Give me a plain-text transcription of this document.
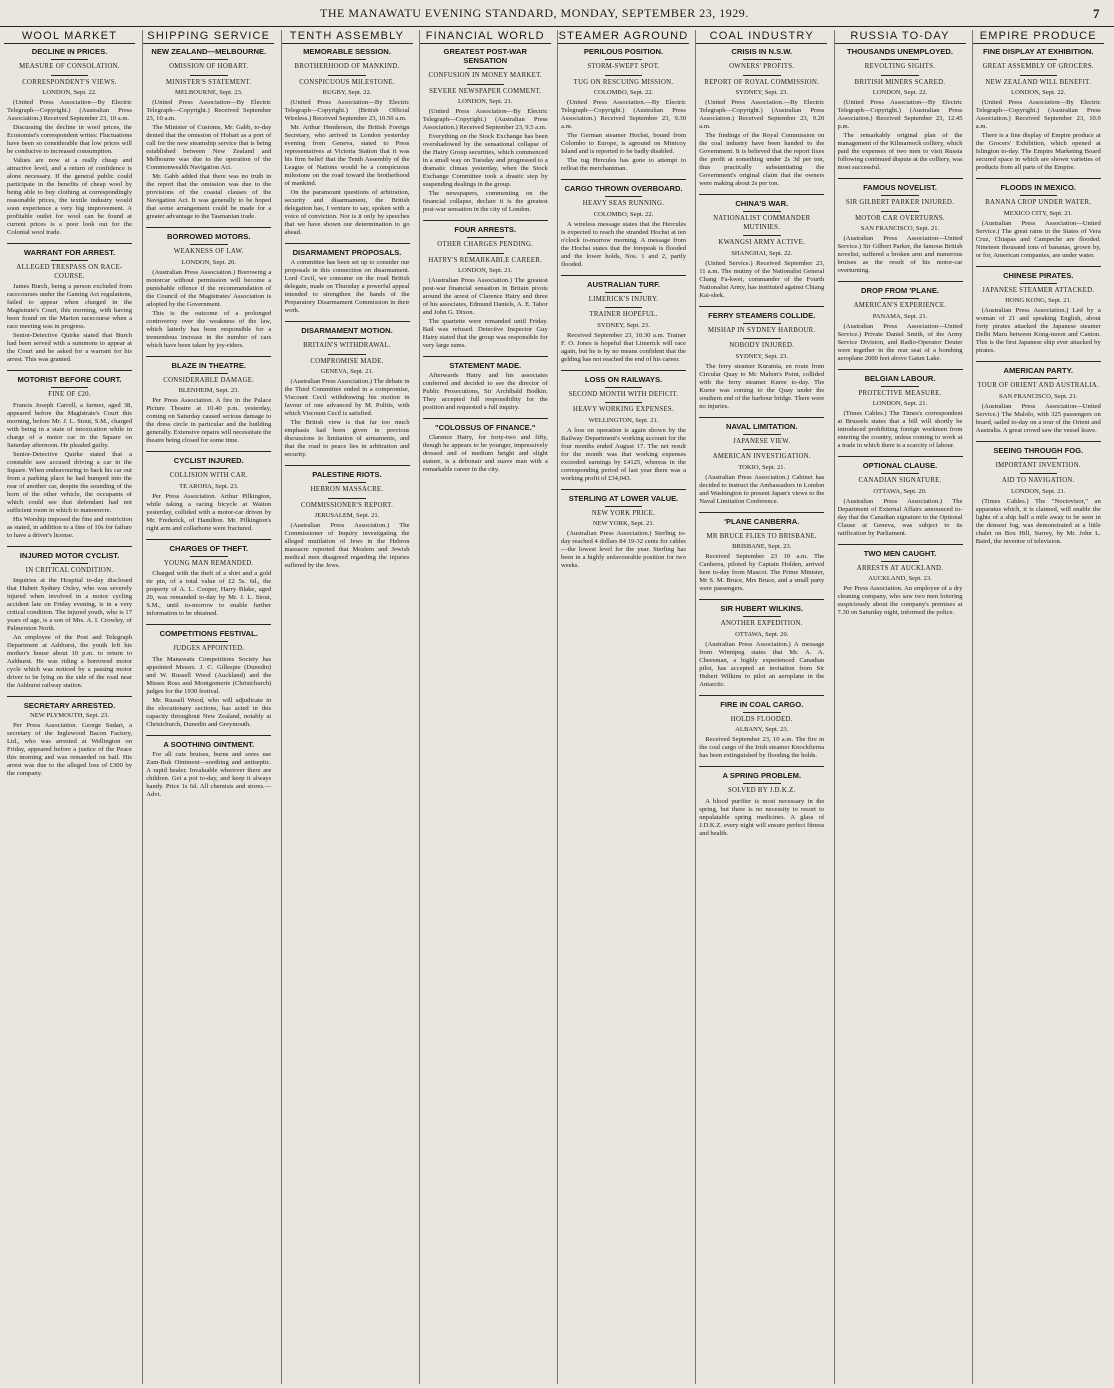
THE MANAWATU EVENING STANDARD, MONDAY, SEPTEMBER 23, 1929.	7
WOOL MARKET
DECLINE IN PRICES.
MEASURE OF CONSOLATION.
CORRESPONDENT'S VIEWS.
LONDON, Sept. 22.

(United Press Association—By Electric Telegraph—Copyright.) (Australian Press Association.) Received September 23, 10 a.m.

Discussing the decline in wool prices, the Economist's correspondent writes: Fluctuations have been so considerable that low prices will be conducive to increased consumption.

Values are now at a really cheap and attractive level, and a return of confidence is alone necessary. If the general public could participate in the benefits of cheap wool by being able to buy clothing at correspondingly reasonable prices, the textile industry would soon experience a very big improvement. A profitable outlet for wool can be found at current prices is a poor look out for the Colonial wool trade.

WARRANT FOR ARREST.
ALLEGED TRESPASS ON RACE-COURSE.

James Burch, being a person excluded from racecourses under the Gaming Act regulations, failed to appear when charged in the Magistrate's Court, this morning, with having been found on the Marton racecourse when a race meeting was in progress.

Senior-Detective Quirke stated that Burch had been served with a summons to appear at the Court and he asked for a warrant for his arrest. This was granted.

MOTORIST BEFORE COURT.
FINE OF £20.

Francis Joseph Carroll, a farmer, aged 38, appeared before the Magistrate's Court this morning, before Mr. J. L. Stout, S.M., charged with being in a state of intoxication while in charge of a motor car in the Square on Saturday afternoon. He pleaded guilty.

Senior-Detective Quirke stated that a constable saw accused driving a car in the Square. When endeavouring to back his car out from a parking place he had bumped into the rear of another car, despite the sounding of the horn of the other vehicle, the occupants of which could see that defendant had not sufficient room in which to manoeuvre.

His Worship imposed the fine and restriction as stated, in addition to a fine of 10s for failure to have a driver's license.

INJURED MOTOR CYCLIST.
IN CRITICAL CONDITION.

Inquiries at the Hospital to-day disclosed that Hubert Sydney Oxley, who was severely injured when involved in a motor cycling accident late on Friday evening, is in a very critical condition. The injured youth, who is 17 years of age, is a son of Mrs. A. I. Crowley, of Palmerston North.

An employee of the Post and Telegraph Department at Ashhurst, the youth left his mother's house about 10 p.m. to return to Ashhurst. He was riding a borrowed motor cycle which was noticed by a passing motor driver to be lying on the side of the road near the Ashhurst railway station.

SECRETARY ARRESTED.
NEW PLYMOUTH, Sept. 23.

Per Press Association. George Sudari, a secretary of the Inglewood Bacon Factory, Ltd., who was arrested at Wellington on Friday, appeared before a justice of the Peace this morning and was remanded on bail. His arrest was due to the alleged loss of £300 by the company.

SHIPPING SERVICE
NEW ZEALAND—MELBOURNE.
OMISSION OF HOBART.
MINISTER'S STATEMENT.
MELBOURNE, Sept. 23.

(United Press Association—By Electric Telegraph—Copyright.) Received September 23, 10 a.m.

The Minister of Customs, Mr. Gabb, to-day denied that the omission of Hobart as a port of call for the new steamship service that is being established between New Zealand and Melbourne was due to the operation of the Commonwealth Navigation Act.

Mr. Gabb added that there was no truth in the report that the omission was due to the provisions of the coastal clauses of the Navigation Act. It was generally to be hoped that some arrangement could be made for a greater advantage to the Tasmanian trade.

BORROWED MOTORS.
WEAKNESS OF LAW.
LONDON, Sept. 20.

(Australian Press Association.) Borrowing a motorcar without permission will become a punishable offence if the recommendation of the Council of the Magistrates' Association is adopted by the Government.

This is the outcome of a prolonged controversy over the weakness of the law, which latterly has been responsible for a tremendous increase in the number of cars which have been taken by joy-riders.

BLAZE IN THEATRE.
CONSIDERABLE DAMAGE.
BLENHEIM, Sept. 23.

Per Press Association. A fire in the Palace Picture Theatre at 10.40 p.m. yesterday, coming on Saturday caused serious damage to the dress circle in particular and the building generally. Extensive repairs will necessitate the theatre being closed for some time.

CYCLIST INJURED.
COLLISION WITH CAR.
TE AROHA, Sept. 23.

Per Press Association. Arthur Pilkington, while taking a racing bicycle at Waiton yesterday, collided with a motor-car driven by Mr. Frederick, of Hamilton. Mr. Pilkington's right arm and collarbone were fractured.

CHARGES OF THEFT.
YOUNG MAN REMANDED.

Charged with the theft of a shirt and a gold tie pin, of a total value of £2 5s. 6d., the property of A. L. Cooper, Harry Blake, aged 20, was remanded to-day by Mr. J. L. Stout, S.M., until to-morrow to enable further information to be obtained.

COMPETITIONS FESTIVAL.
JUDGES APPOINTED.

The Manawatu Competitions Society has appointed Messrs. J. C. Gillespie (Dunedin) and W. Russell Wood (Auckland) and the Misses Ross and Montgomerie (Christchurch) judges for the 1930 festival.

Mr. Russell Wood, who will adjudicate in the elocutionary sections, has acted in this capacity throughout New Zealand, notably at Christchurch, Dunedin and Greymouth.

A SOOTHING OINTMENT.

For all cuts bruises, burns and sores use Zam-Buk Ointment—soothing and antiseptic. A rapid healer. Invaluable wherever there are children. Get a pot to-day, and keep it always handy. Price 1s 6d. All chemists and stores.—Advt.

TENTH ASSEMBLY
MEMORABLE SESSION.
BROTHERHOOD OF MANKIND.
CONSPICUOUS MILESTONE.
RUGBY, Sept. 22.

(United Press Association—By Electric Telegraph—Copyright.) (British Official Wireless.) Received September 23, 10.50 a.m.

Mr. Arthur Henderson, the British Foreign Secretary, who arrived in London yesterday evening from Geneva, stated to Press representatives at Victoria Station that it was his firm belief that the Tenth Assembly of the League of Nations would be a conspicuous milestone on the road toward the brotherhood of mankind.

On the paramount questions of arbitration, security and disarmament, the British delegation has, I venture to say, spoken with a voice of conviction. Nor is it only by speeches that we have shown our determination to go ahead.

DISARMAMENT PROPOSALS.

A committee has been set up to consider our proposals in this connection on disarmament. Lord Cecil, we consume on the road British delegate, made on Thursday a powerful appeal intended to strengthen the hands of the Preparatory Disarmament Commission in their work.

DISARMAMENT MOTION.
BRITAIN'S WITHDRAWAL.
COMPROMISE MADE.
GENEVA, Sept. 21.

(Australian Press Association.) The debate in the Third Committee ended in a compromise, Viscount Cecil withdrawing his motion in favour of one advanced by M. Politis, with which Viscount Cecil is satisfied.

The British view is that far too much emphasis had been given in previous discussions to limitation of armaments, and that the road to peace lies in arbitration and security.

PALESTINE RIOTS.
HEBRON MASSACRE.
COMMISSIONER'S REPORT.
JERUSALEM, Sept. 21.

(Australian Press Association.) The Commissioner of Inquiry investigating the alleged mutilation of Jews in the Hebron massacre reported that Moslem and Jewish medical men disagreed regarding the injuries suffered by the Jews.

FINANCIAL WORLD
GREATEST POST-WAR SENSATION
CONFUSION IN MONEY MARKET.
SEVERE NEWSPAPER COMMENT.
LONDON, Sept. 21.

(United Press Association—By Electric Telegraph—Copyright.) (Australian Press Association.) Received September 23, 9.5 a.m.

Everything on the Stock Exchange has been overshadowed by the sensational collapse of the Hatry Group securities, which commenced in a small way on Tuesday and progressed to a dramatic climax yesterday, when the Stock Exchange Committee took a drastic step by suspending dealings in the group.

The newspapers, commenting on the financial collapse, declare it is the greatest post-war sensation in the city of London.

FOUR ARRESTS.
OTHER CHARGES PENDING.
HATRY'S REMARKABLE CAREER.
LONDON, Sept. 21.

(Australian Press Association.) The greatest post-war financial sensation in Britain pivots around the arrest of Clarence Hatry and three of his associates, Edmund Daniels, A. E. Tabor and John G. Dixon.

The quartette were remanded until Friday. Bail was refused. Detective Inspector Guy Hatry stated that the group was responsible for very large sums.

STATEMENT MADE.

Afterwards Hatry and his associates conferred and decided to see the director of Public Prosecutions, Sir Archibald Bodkin. They accepted full responsibility for the position and requested a full inquiry.

"COLOSSUS OF FINANCE."

Clarence Hatry, for forty-two and fifty, though he appears to be younger, impressively dressed and of medium height and slight stature, is a debonair and suave man with a remarkable career in the city.

STEAMER AGROUND
PERILOUS POSITION.
STORM-SWEPT SPOT.
TUG ON RESCUING MISSION.
COLOMBO, Sept. 22.

(United Press Association.—By Electric Telegraph—Copyright.) (Australian Press Association.) Received September 23, 9.30 a.m.

The German steamer Hochst, bound from Colombo to Europe, is aground on Minicoy Island and is reported to be badly disabled.

The tug Hercules has gone to attempt to refloat the merchantman.

CARGO THROWN OVERBOARD.
HEAVY SEAS RUNNING.
COLOMBO, Sept. 22.

A wireless message states that the Hercules is expected to reach the stranded Hochst at ten o'clock to-morrow morning. A message from the Hochst states that the forepeak is flooded and the lower holds, Nos. 1 and 2, partly flooded.

AUSTRALIAN TURF.
LIMERICK'S INJURY.
TRAINER HOPEFUL.
SYDNEY, Sept. 23.

Received September 23, 10.30 a.m. Trainer F. O. Jones is hopeful that Limerick will race again, but he is by no means confident that the gelding has not reached the end of his career.

LOSS ON RAILWAYS.
SECOND MONTH WITH DEFICIT.
HEAVY WORKING EXPENSES.
WELLINGTON, Sept. 21.

A loss on operation is again shown by the Railway Department's working account for the four months ended August 17. The net result for the month was that working expenses exceeded earnings by £4125, whereas in the corresponding period of last year there was a working profit of £34,043.

STERLING AT LOWER VALUE.
NEW YORK PRICE.
NEW YORK, Sept. 21.

(Australian Press Association.) Sterling to-day reached 4 dollars 84 19-32 cents for cables—the lowest level for the year. Sterling has been in a highly unfavourable position for two weeks.

COAL INDUSTRY
CRISIS IN N.S.W.
OWNERS' PROFITS.
REPORT OF ROYAL COMMISSION.
SYDNEY, Sept. 23.

(United Press Association.—By Electric Telegraph—Copyright.) (Australian Press Association.) Received September 23, 9.20 a.m.

The findings of the Royal Commission on the coal industry have been handed to the Government. It is believed that the report fixes the profit at something under 2s 3d per ton, thus practically substantiating the Government's original claim that the owners were making about 2s per ton.

CHINA'S WAR.
NATIONALIST COMMANDER MUTINIES.
KWANGSI ARMY ACTIVE.
SHANGHAI, Sept. 22.

(United Service.) Received September 23, 11 a.m. The mutiny of the Nationalist General Chang Fa-kwei, commander of the Fourth Nationalist Army, has instituted against Chiang Kai-shek.

FERRY STEAMERS COLLIDE.
MISHAP IN SYDNEY HARBOUR.
NOBODY INJURED.
SYDNEY, Sept. 23.

The ferry steamer Kuramia, en route from Circular Quay to Mc Mahon's Point, collided with the ferry steamer Kuree to-day. The Kuree was coming to the Quay under the southern end of the harbour bridge. There were no injuries.

NAVAL LIMITATION.
JAPANESE VIEW.
AMERICAN INVESTIGATION.
TOKIO, Sept. 21.

(Australian Press Association.) Cabinet has decided to instruct the Ambassadors in London and Washington to present Japan's views to the Naval Limitation Conference.

'PLANE CANBERRA.
MR BRUCE FLIES TO BRISBANE.
BRISBANE, Sept. 23.

Received September 23 10 a.m. The Canberra, piloted by Captain Holden, arrived here to-day from Mascot. The Prime Minister, Mr S. M. Bruce, Mrs Bruce, and a small party were passengers.

SIR HUBERT WILKINS.
ANOTHER EXPEDITION.
OTTAWA, Sept. 20.

(Australian Press Association.) A message from Winnipeg states that Mr. A. A. Cheesman, a highly experienced Canadian pilot, has accepted an invitation from Sir Hubert Wilkins to pilot an aeroplane in the Antarctic.

FIRE IN COAL CARGO.
HOLDS FLOODED.
ALBANY, Sept. 23.

Received September 23, 10 a.m. The fire in the coal cargo of the Irish steamer Knockfierna has been extinguished by flooding the holds.

A SPRING PROBLEM.
SOLVED BY J.D.K.Z.

A blood purifier is most necessary in the spring, but there is no necessity to resort to unpalatable spring medicines. A glass of J.D.K.Z. every night will ensure perfect fitness and health.

RUSSIA TO-DAY
THOUSANDS UNEMPLOYED.
REVOLTING SIGHTS.
BRITISH MINERS SCARED.
LONDON, Sept. 22.

(United Press Association—By Electric Telegraph—Copyright.) (Australian Press Association.) Received September 23, 12.45 p.m.

The remarkably original plan of the management of the Kilmarnock colliery, which paid the expenses of two men to visit Russia following continued dispute at the colliery, was most successful.

FAMOUS NOVELIST.
SIR GILBERT PARKER INJURED.
MOTOR CAR OVERTURNS.
SAN FRANCISCO, Sept. 21.

(Australian Press Association—United Service.) Sir Gilbert Parker, the famous British novelist, suffered a broken arm and numerous bruises as the result of his motor-car overturning.

DROP FROM 'PLANE.
AMERICAN'S EXPERIENCE.
PANAMA, Sept. 21.

(Australian Press Association—United Service.) Private Daniel Smith, of the Army Service Division, and Radio-Operator Deuter were together in the rear seat of a bombing aeroplane 2000 feet above Gatun Lake.

BELGIAN LABOUR.
PROTECTIVE MEASURE.
LONDON, Sept. 21.

(Times Cables.) The Times's correspondent at Brussels states that a bill will shortly be introduced prohibiting foreign workmen from entering the country, unless coming to work at a trade in which there is a scarcity of labour.

OPTIONAL CLAUSE.
CANADIAN SIGNATURE.
OTTAWA, Sept. 20.

(Australian Press Association.) The Department of External Affairs announced to-day that the Canadian signature to the Optional Clause at Geneva, was subject to its ratification by Parliament.

TWO MEN CAUGHT.
ARRESTS AT AUCKLAND.
AUCKLAND, Sept. 23.

Per Press Association. An employee of a dry cleaning company, who saw two men loitering suspiciously about the company's premises at 7.30 on Saturday night, informed the police.

EMPIRE PRODUCE
FINE DISPLAY AT EXHIBITION.
GREAT ASSEMBLY OF GROCERS.
NEW ZEALAND WILL BENEFIT.
LONDON, Sept. 22.

(United Press Association—By Electric Telegraph—Copyright.) (Australian Press Association.) Received September 23, 10.0 a.m.

There is a fine display of Empire produce at the Grocers' Exhibition, which opened at Islington to-day. The Empire Marketing Board secured space in which are shown varieties of products from all parts of the Empire.

FLOODS IN MEXICO.
BANANA CROP UNDER WATER.
MEXICO CITY, Sept. 21.

(Australian Press Association—United Service.) The great rains in the States of Vera Cruz, Chiapas and Campeche are flooded. Nineteen thousand tons of bananas, grown by, or for, American companies, are under water.

CHINESE PIRATES.
JAPANESE STEAMER ATTACKED.
HONG KONG, Sept. 21.

(Australian Press Association.) Led by a woman of 21 and speaking English, about forty pirates attacked the Japanese steamer Delhi Maru between Kong-moon and Canton. This is the first Japanese ship ever attacked by pirates.

AMERICAN PARTY.
TOUR OF ORIENT AND AUSTRALIA.
SAN FRANCISCO, Sept. 21.

(Australian Press Association—United Service.) The Malolo, with 325 passengers on board, sailed to-day on a tour of the Orient and Australia. A great crowd saw the vessel leave.

SEEING THROUGH FOG.
IMPORTANT INVENTION.
AID TO NAVIGATION.
LONDON, Sept. 21.

(Times Cables.) The "Noctovisor," an apparatus which, it is claimed, will enable the lights of a ship half a mile away to be seen in the densest fog, was demonstrated at a little chalet on Box Hill, Surrey, by Mr. John L. Baird, the inventor of television.
